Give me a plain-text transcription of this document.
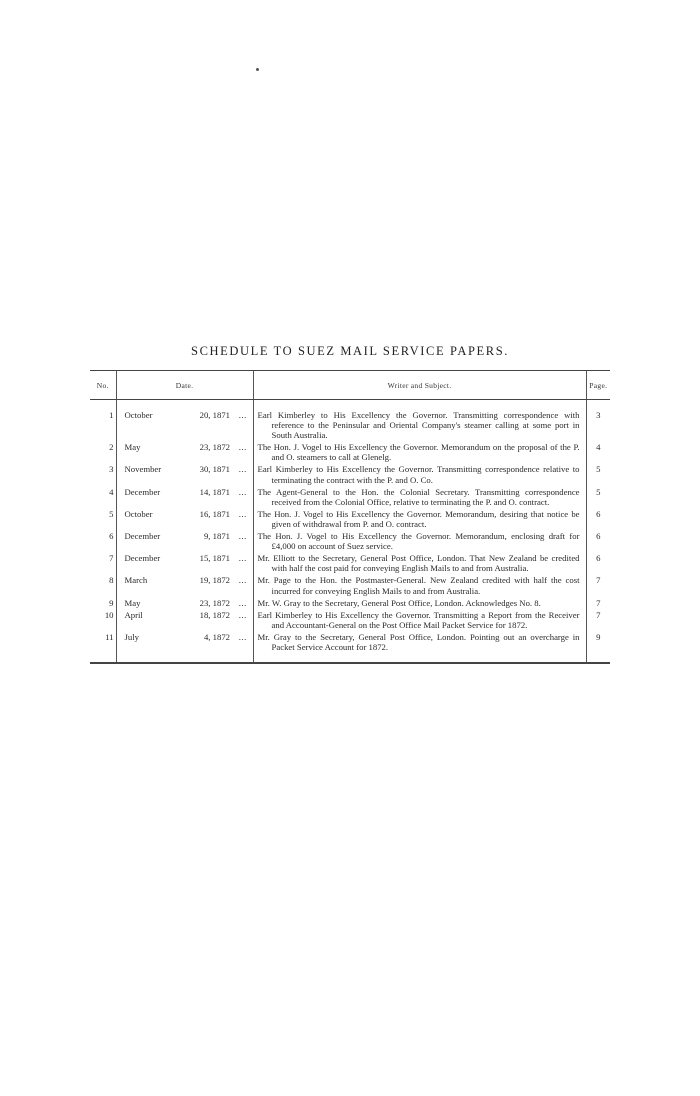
SCHEDULE TO SUEZ MAIL SERVICE PAPERS.
No.	Date.			Writer and Subject.	Page.

1	October	20, 1871	...	Earl Kimberley to His Excellency the Governor. Transmitting correspondence with reference to the Peninsular and Oriental Company's steamer calling at some port in South Australia.	3
2	May	23, 1872	...	The Hon. J. Vogel to His Excellency the Governor. Memorandum on the proposal of the P. and O. steamers to call at Glenelg.	4
3	November	30, 1871	...	Earl Kimberley to His Excellency the Governor. Transmitting correspondence relative to terminating the contract with the P. and O. Co.	5
4	December	14, 1871	...	The Agent-General to the Hon. the Colonial Secretary. Transmitting correspondence received from the Colonial Office, relative to terminating the P. and O. contract.	5
5	October	16, 1871	...	The Hon. J. Vogel to His Excellency the Governor. Memorandum, desiring that notice be given of withdrawal from P. and O. contract.	6
6	December	9, 1871	...	The Hon. J. Vogel to His Excellency the Governor. Memorandum, enclosing draft for £4,000 on account of Suez service.	6
7	December	15, 1871	...	Mr. Elliott to the Secretary, General Post Office, London. That New Zealand be credited with half the cost paid for conveying English Mails to and from Australia.	6
8	March	19, 1872	...	Mr. Page to the Hon. the Postmaster-General. New Zealand credited with half the cost incurred for conveying English Mails to and from Australia.	7
9	May	23, 1872	...	Mr. W. Gray to the Secretary, General Post Office, London. Acknowledges No. 8.	7
10	April	18, 1872	...	Earl Kimberley to His Excellency the Governor. Transmitting a Report from the Receiver and Accountant-General on the Post Office Mail Packet Service for 1872.	7
11	July	4, 1872	...	Mr. Gray to the Secretary, General Post Office, London. Pointing out an overcharge in Packet Service Account for 1872.	9
